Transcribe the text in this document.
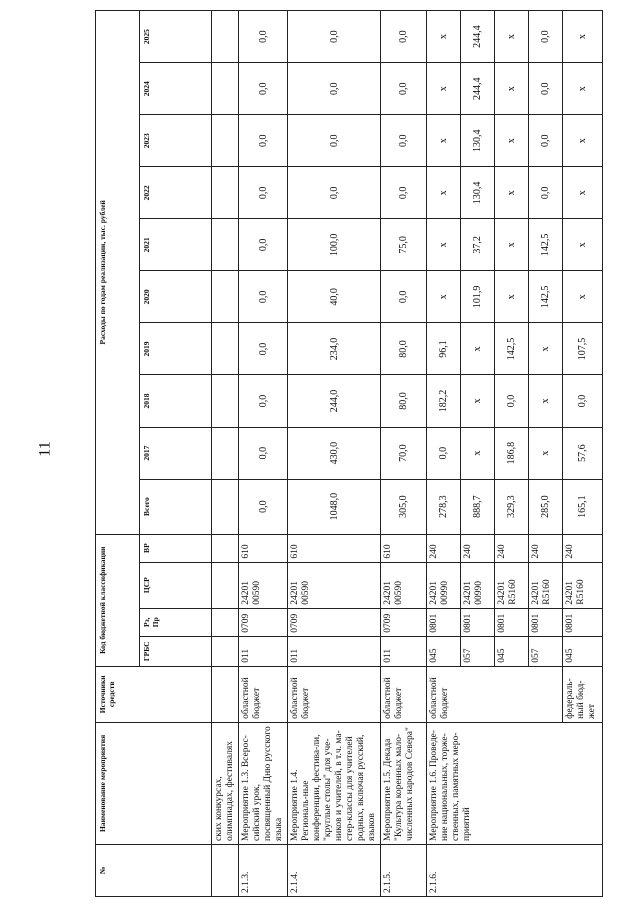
11
№	Наименование мероприятия	Источники средств	Код бюджетной классификации				Расходы по годам реализации, тыс. рублей									
			ГРБС	Рз, Пр	ЦСР	ВР	Всего	2017	2018	2019	2020	2021	2022	2023	2024	2025
	ских конкурсах, олимпиадах, фестивалях															
2.1.3.	Мероприятие 1.3. Всерос-сийский урок, посвященный Дню русского языка	областной бюджет	011	0709	24201 00590	610	0,0	0,0	0,0	0,0	0,0	0,0	0,0	0,0	0,0	0,0
2.1.4.	Мероприятие 1.4. Региональ-ные конференции, фестива-ли, "круглые столы" для уче-ников и учителей, в т.ч. ма-стер-классы для учителей родных, включая русский, языков	областной бюджет	011	0709	24201 00590	610	1048,0	430,0	244,0	234,0	40,0	100,0	0,0	0,0	0,0	0,0
2.1.5.	Мероприятие 1.5. Декада "Культура коренных мало-численных народов Севера"	областной бюджет	011	0709	24201 00590	610	305,0	70,0	80,0	80,0	0,0	75,0	0,0	0,0	0,0	0,0
2.1.6.	Мероприятие 1.6. Проведе-ние национальных, торже-ственных, памятных меро-приятий	областной бюджет	045	0801	24201 00990	240	278,3	0,0	182,2	96,1	x	x	x	x	x	x
			057	0801	24201 00990	240	888,7	x	x	x	101,9	37,2	130,4	130,4	244,4	244,4
			045	0801	24201 R5160	240	329,3	186,8	0,0	142,5	x	x	x	x	x	x
			057	0801	24201 R5160	240	285,0	x	x	x	142,5	142,5	0,0	0,0	0,0	0,0
		федераль-ный бюд-жет	045	0801	24201 R5160	240	165,1	57,6	0,0	107,5	x	x	x	x	x	x
